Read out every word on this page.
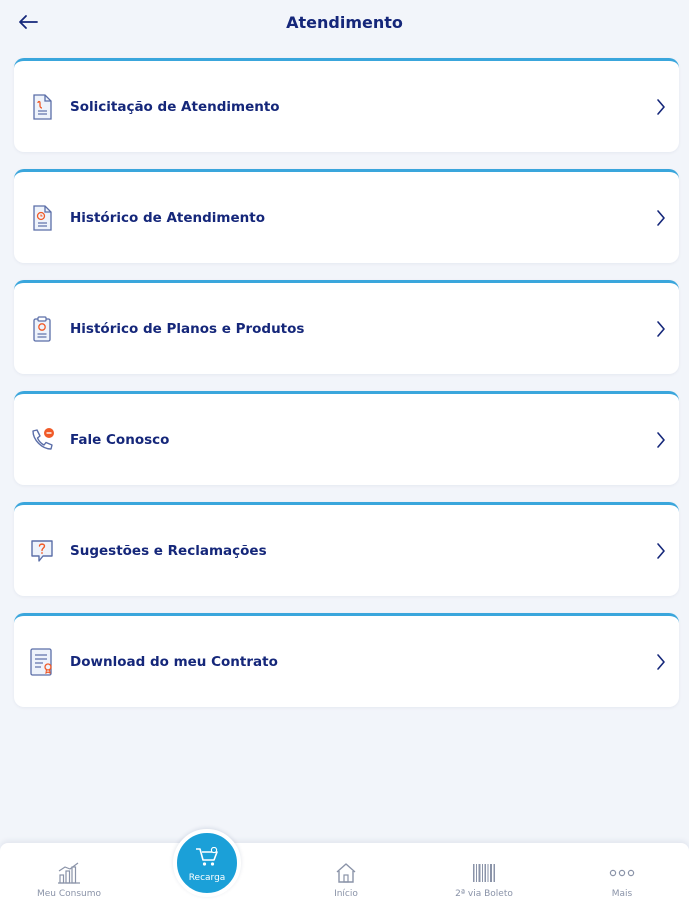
Atendimento
Solicitação de Atendimento
Histórico de Atendimento
Histórico de Planos e Produtos
Fale Conosco
Sugestões e Reclamações
Download do meu Contrato
Meu Consumo	Início	2ª via Boleto	Mais
Recarga
